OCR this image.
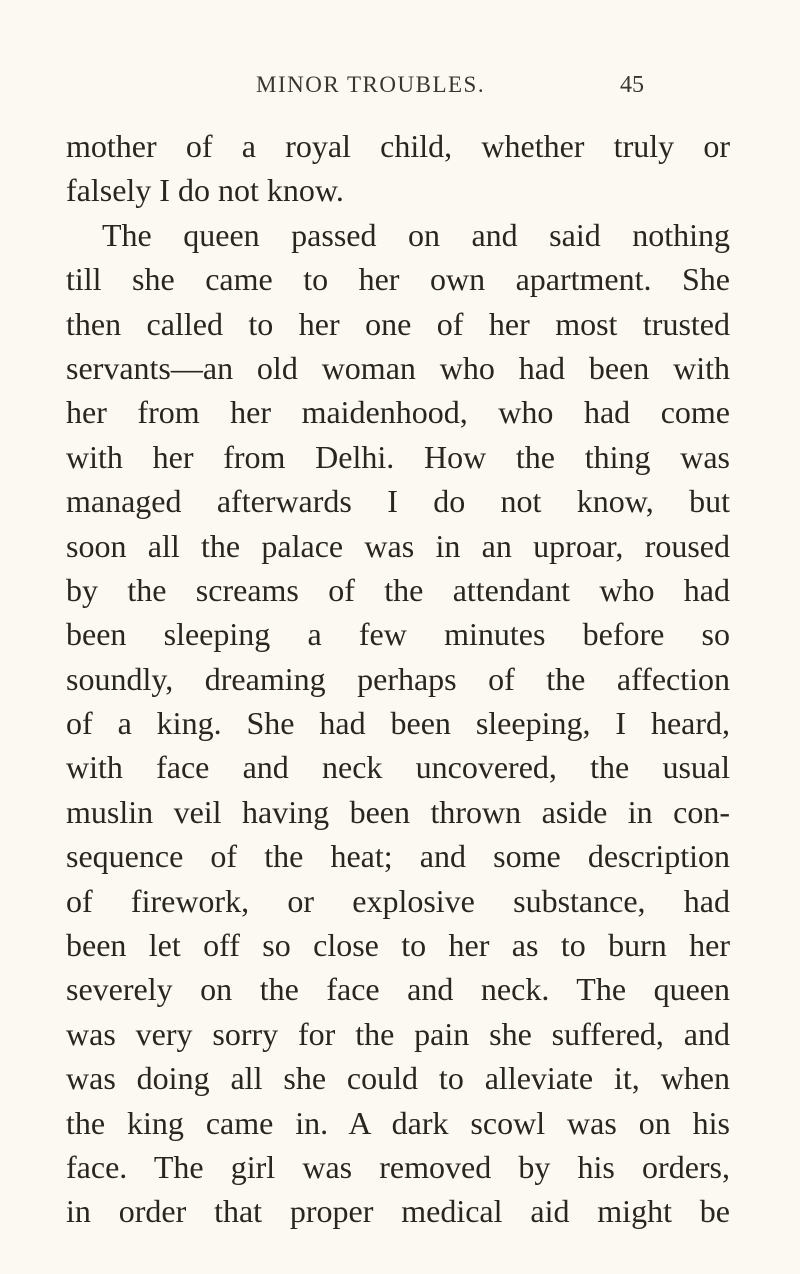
MINOR TROUBLES.	45
mother of a royal child, whether truly or
falsely I do not know.
The queen passed on and said nothing
till she came to her own apartment. She
then called to her one of her most trusted
servants—an old woman who had been with
her from her maidenhood, who had come
with her from Delhi. How the thing was
managed afterwards I do not know, but
soon all the palace was in an uproar, roused
by the screams of the attendant who had
been sleeping a few minutes before so
soundly, dreaming perhaps of the affection
of a king. She had been sleeping, I heard,
with face and neck uncovered, the usual
muslin veil having been thrown aside in con-
sequence of the heat; and some description
of firework, or explosive substance, had
been let off so close to her as to burn her
severely on the face and neck. The queen
was very sorry for the pain she suffered, and
was doing all she could to alleviate it, when
the king came in. A dark scowl was on his
face. The girl was removed by his orders,
in order that proper medical aid might be
